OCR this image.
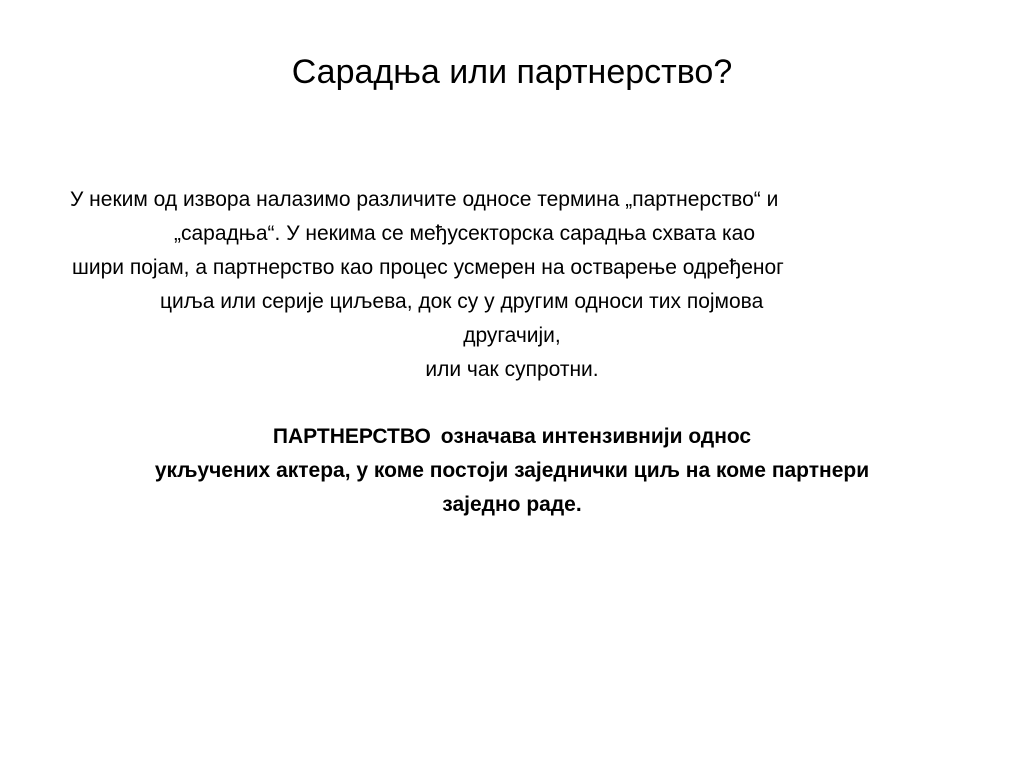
Сарадња или партнерство?
У неким од извора налазимо различите односе термина „партнерство“ и
„сарадња“. У некима се међусекторска сарадња схвата као
шири појам, а партнерство као процес усмерен на остварење одређеног
циља или серије циљева, док су у другим односи тих појмова
другачији,
или чак супротни.
ПАРТНЕРСТВО означава интензивнији однос
укључених актера, у коме постоји заједнички циљ на коме партнери
заједно раде.
